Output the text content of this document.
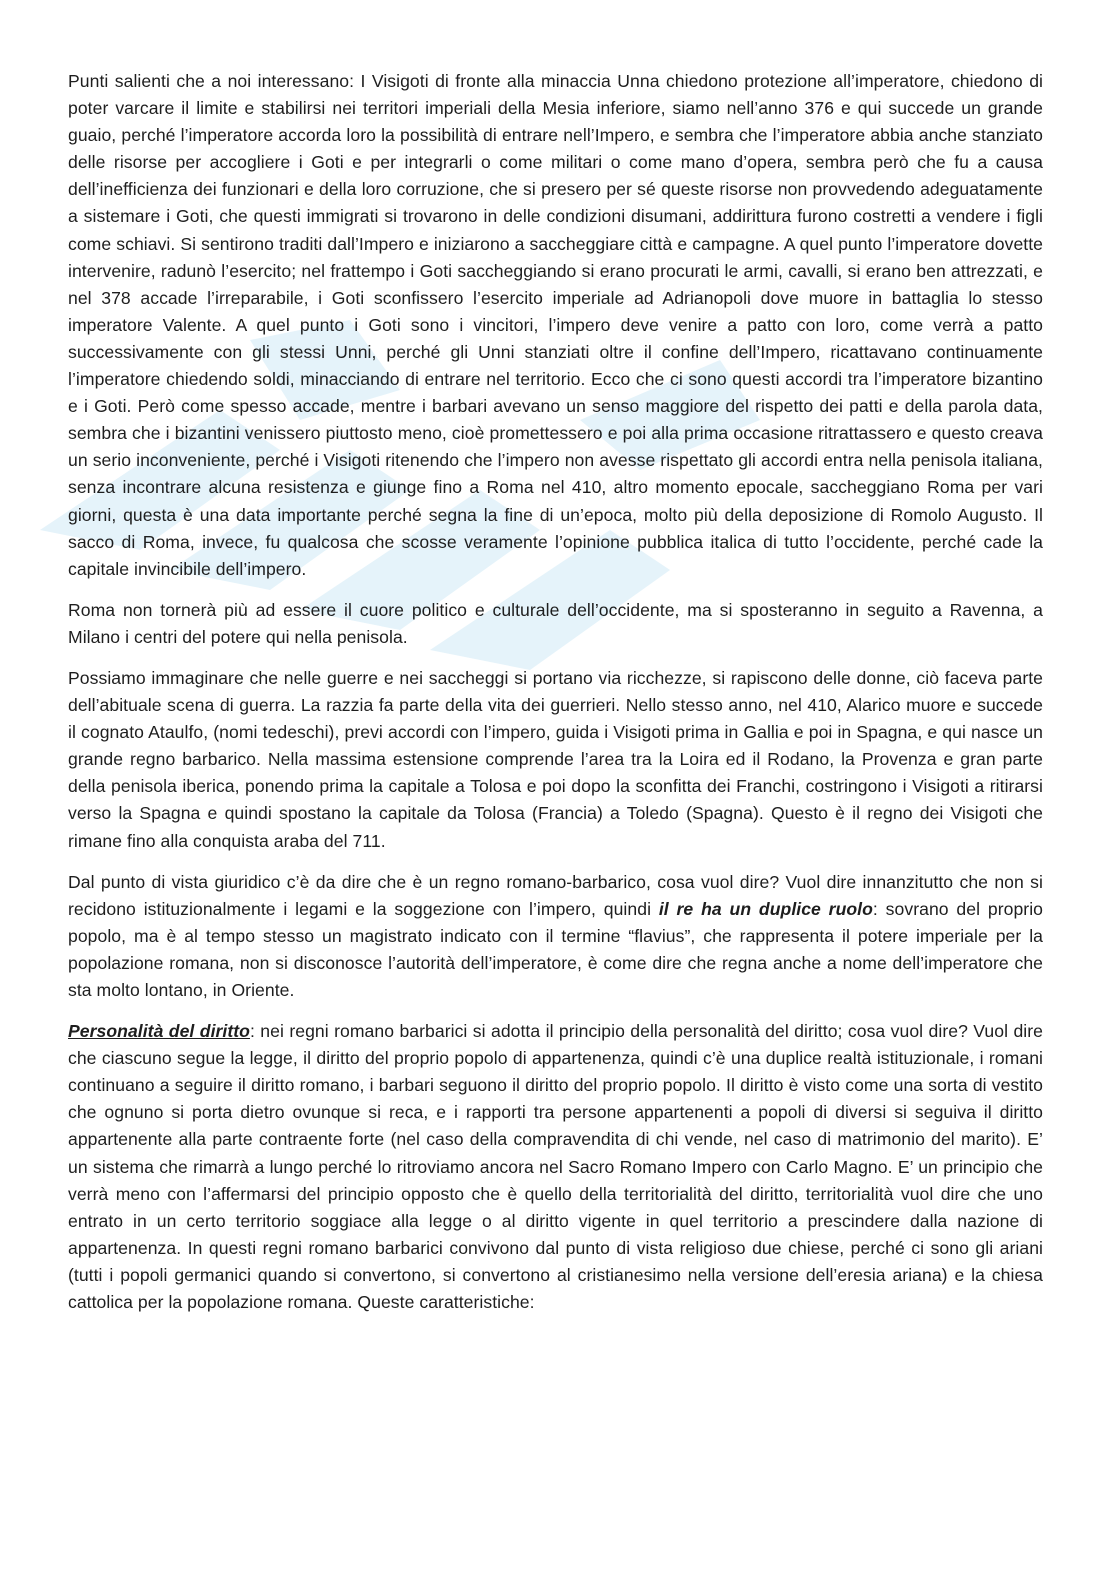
Punti salienti che a noi interessano: I Visigoti di fronte alla minaccia Unna chiedono protezione all’imperatore, chiedono di poter varcare il limite e stabilirsi nei territori imperiali della Mesia inferiore, siamo nell’anno 376 e qui succede un grande guaio, perché l’imperatore accorda loro la possibilità di entrare nell’Impero, e sembra che l’imperatore abbia anche stanziato delle risorse per accogliere i Goti e per integrarli o come militari o come mano d’opera, sembra però che fu a causa dell’inefficienza dei funzionari e della loro corruzione, che si presero per sé queste risorse non provvedendo adeguatamente a sistemare i Goti, che questi immigrati si trovarono in delle condizioni disumani, addirittura furono costretti a vendere i figli come schiavi. Si sentirono traditi dall’Impero e iniziarono a saccheggiare città e campagne. A quel punto l’imperatore dovette intervenire, radunò l’esercito; nel frattempo i Goti saccheggiando si erano procurati le armi, cavalli, si erano ben attrezzati, e nel 378 accade l’irreparabile, i Goti sconfissero l’esercito imperiale ad Adrianopoli dove muore in battaglia lo stesso imperatore Valente. A quel punto i Goti sono i vincitori, l’impero deve venire a patto con loro, come verrà a patto successivamente con gli stessi Unni, perché gli Unni stanziati oltre il confine dell’Impero, ricattavano continuamente l’imperatore chiedendo soldi, minacciando di entrare nel territorio. Ecco che ci sono questi accordi tra l’imperatore bizantino e i Goti. Però come spesso accade, mentre i barbari avevano un senso maggiore del rispetto dei patti e della parola data, sembra che i bizantini venissero piuttosto meno, cioè promettessero e poi alla prima occasione ritrattassero e questo creava un serio inconveniente, perché i Visigoti ritenendo che l’impero non avesse rispettato gli accordi entra nella penisola italiana, senza incontrare alcuna resistenza e giunge fino a Roma nel 410, altro momento epocale, saccheggiano Roma per vari giorni, questa è una data importante perché segna la fine di un’epoca, molto più della deposizione di Romolo Augusto. Il sacco di Roma, invece, fu qualcosa che scosse veramente l’opinione pubblica italica di tutto l’occidente, perché cade la capitale invincibile dell’impero.

Roma non tornerà più ad essere il cuore politico e culturale dell’occidente, ma si sposteranno in seguito a Ravenna, a Milano i centri del potere qui nella penisola.

Possiamo immaginare che nelle guerre e nei saccheggi si portano via ricchezze, si rapiscono delle donne, ciò faceva parte dell’abituale scena di guerra. La razzia fa parte della vita dei guerrieri. Nello stesso anno, nel 410, Alarico muore e succede il cognato Ataulfo, (nomi tedeschi), previ accordi con l’impero, guida i Visigoti prima in Gallia e poi in Spagna, e qui nasce un grande regno barbarico. Nella massima estensione comprende l’area tra la Loira ed il Rodano, la Provenza e gran parte della penisola iberica, ponendo prima la capitale a Tolosa e poi dopo la sconfitta dei Franchi, costringono i Visigoti a ritirarsi verso la Spagna e quindi spostano la capitale da Tolosa (Francia) a Toledo (Spagna). Questo è il regno dei Visigoti che rimane fino alla conquista araba del 711.

Dal punto di vista giuridico c’è da dire che è un regno romano-barbarico, cosa vuol dire? Vuol dire innanzitutto che non si recidono istituzionalmente i legami e la soggezione con l’impero, quindi il re ha un duplice ruolo: sovrano del proprio popolo, ma è al tempo stesso un magistrato indicato con il termine “flavius”, che rappresenta il potere imperiale per la popolazione romana, non si disconosce l’autorità dell’imperatore, è come dire che regna anche a nome dell’imperatore che sta molto lontano, in Oriente.

Personalità del diritto: nei regni romano barbarici si adotta il principio della personalità del diritto; cosa vuol dire? Vuol dire che ciascuno segue la legge, il diritto del proprio popolo di appartenenza, quindi c’è una duplice realtà istituzionale, i romani continuano a seguire il diritto romano, i barbari seguono il diritto del proprio popolo. Il diritto è visto come una sorta di vestito che ognuno si porta dietro ovunque si reca, e i rapporti tra persone appartenenti a popoli di diversi si seguiva il diritto appartenente alla parte contraente forte (nel caso della compravendita di chi vende, nel caso di matrimonio del marito). E’ un sistema che rimarrà a lungo perché lo ritroviamo ancora nel Sacro Romano Impero con Carlo Magno. E’ un principio che verrà meno con l’affermarsi del principio opposto che è quello della territorialità del diritto, territorialità vuol dire che uno entrato in un certo territorio soggiace alla legge o al diritto vigente in quel territorio a prescindere dalla nazione di appartenenza. In questi regni romano barbarici convivono dal punto di vista religioso due chiese, perché ci sono gli ariani (tutti i popoli germanici quando si convertono, si convertono al cristianesimo nella versione dell’eresia ariana) e la chiesa cattolica per la popolazione romana. Queste caratteristiche:
